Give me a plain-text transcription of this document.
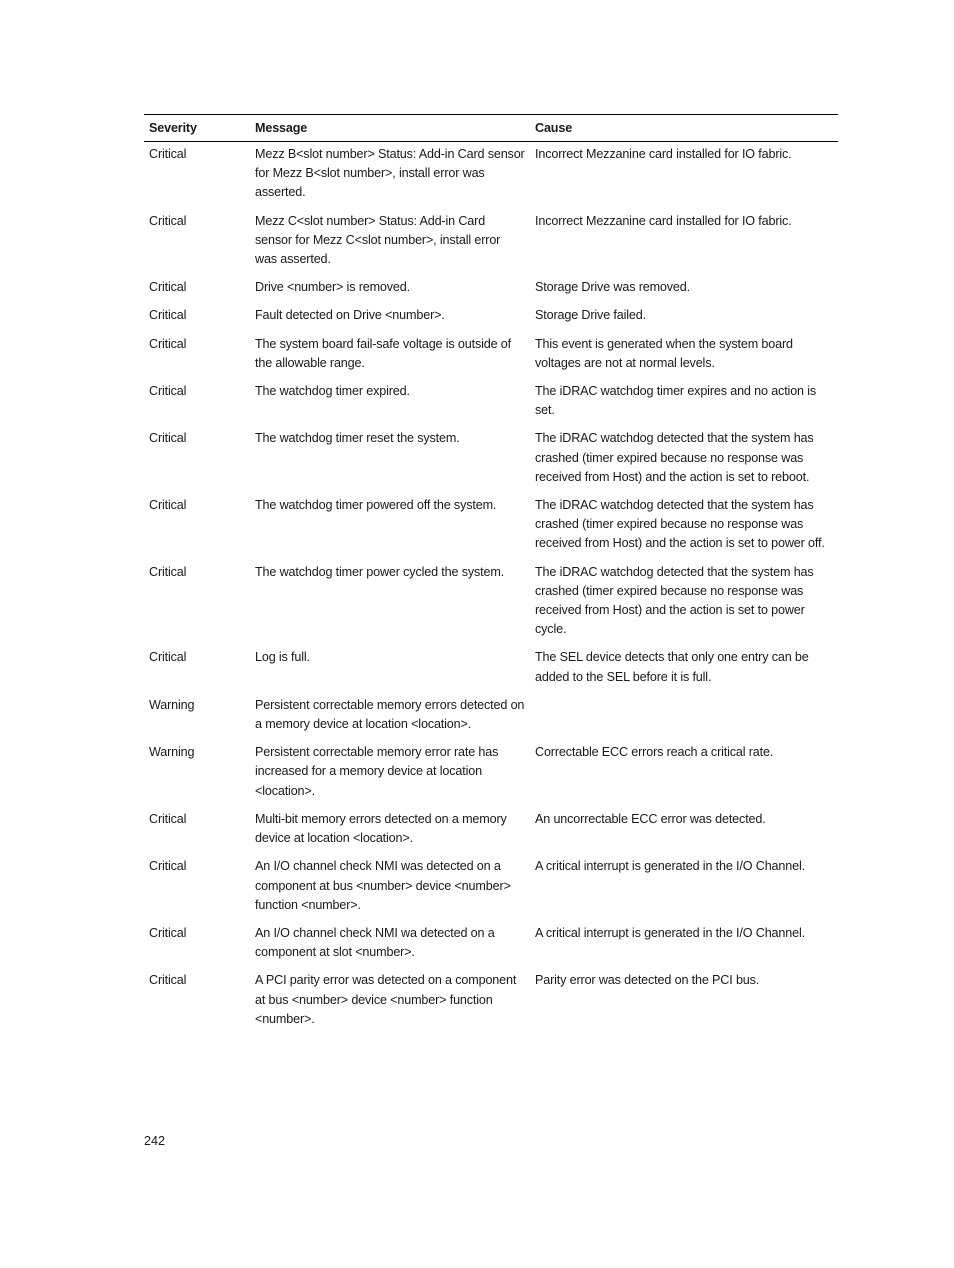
Severity	Message	Cause
Critical	Mezz B<slot number> Status: Add-in Card sensor for Mezz B<slot number>, install error was asserted.	Incorrect Mezzanine card installed for IO fabric.
Critical	Mezz C<slot number> Status: Add-in Card sensor for Mezz C<slot number>, install error was asserted.	Incorrect Mezzanine card installed for IO fabric.
Critical	Drive <number> is removed.	Storage Drive was removed.
Critical	Fault detected on Drive <number>.	Storage Drive failed.
Critical	The system board fail-safe voltage is outside of the allowable range.	This event is generated when the system board voltages are not at normal levels.
Critical	The watchdog timer expired.	The iDRAC watchdog timer expires and no action is set.
Critical	The watchdog timer reset the system.	The iDRAC watchdog detected that the system has crashed (timer expired because no response was received from Host) and the action is set to reboot.
Critical	The watchdog timer powered off the system.	The iDRAC watchdog detected that the system has crashed (timer expired because no response was received from Host) and the action is set to power off.
Critical	The watchdog timer power cycled the system.	The iDRAC watchdog detected that the system has crashed (timer expired because no response was received from Host) and the action is set to power cycle.
Critical	Log is full.	The SEL device detects that only one entry can be added to the SEL before it is full.
Warning	Persistent correctable memory errors detected on a memory device at location <location>.	
Warning	Persistent correctable memory error rate has increased for a memory device at location <location>.	Correctable ECC errors reach a critical rate.
Critical	Multi-bit memory errors detected on a memory device at location <location>.	An uncorrectable ECC error was detected.
Critical	An I/O channel check NMI was detected on a component at bus <number> device <number> function <number>.	A critical interrupt is generated in the I/O Channel.
Critical	An I/O channel check NMI wa detected on a component at slot <number>.	A critical interrupt is generated in the I/O Channel.
Critical	A PCI parity error was detected on a component at bus <number> device <number> function <number>.	Parity error was detected on the PCI bus.
242
